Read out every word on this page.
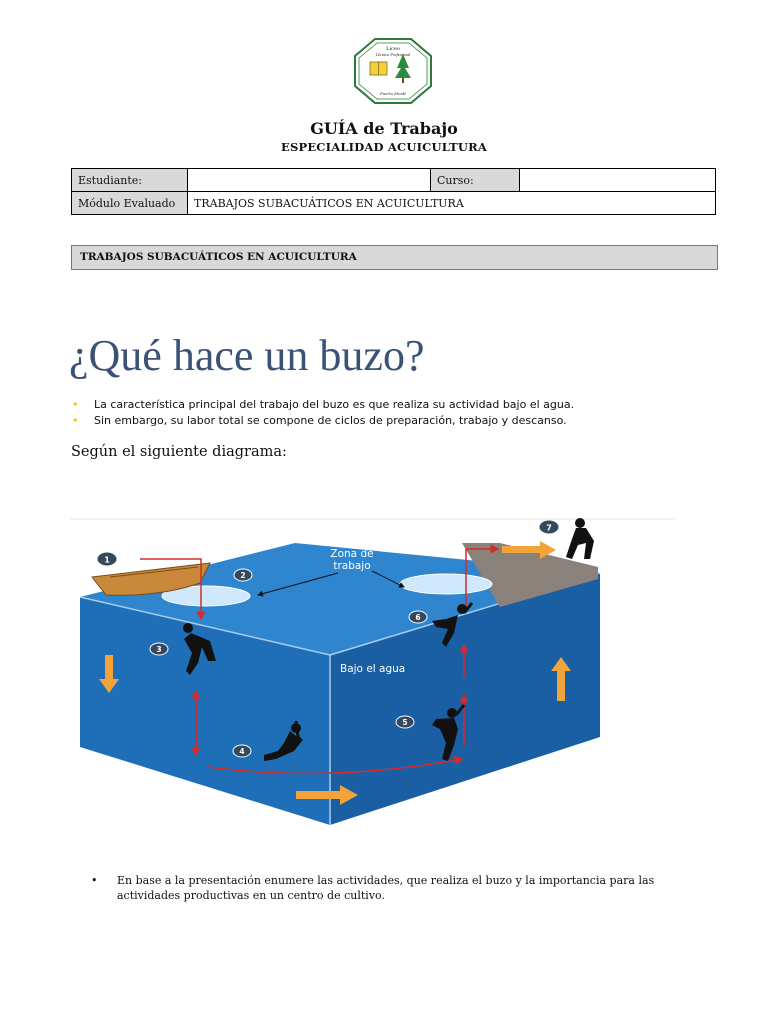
Liceo
Técnico Profesional
Puerto Montt
GUÍA de Trabajo
ESPECIALIDAD ACUICULTURA
Estudiante:		Curso:	
Módulo Evaluado	TRABAJOS SUBACUÁTICOS EN ACUICULTURA		
TRABAJOS SUBACUÁTICOS EN ACUICULTURA
¿Qué hace un buzo?
• La característica principal del trabajo del buzo es que realiza su actividad bajo el agua.
• Sin embargo, su labor total se compone de ciclos de preparación, trabajo y descanso.
Según el siguiente diagrama:
Zona de
trabajo
Bajo el agua
1
2
3
4
5
6
7
•	En base a la presentación enumere las actividades, que realiza el buzo y la importancia para las actividades productivas en un centro de cultivo.
